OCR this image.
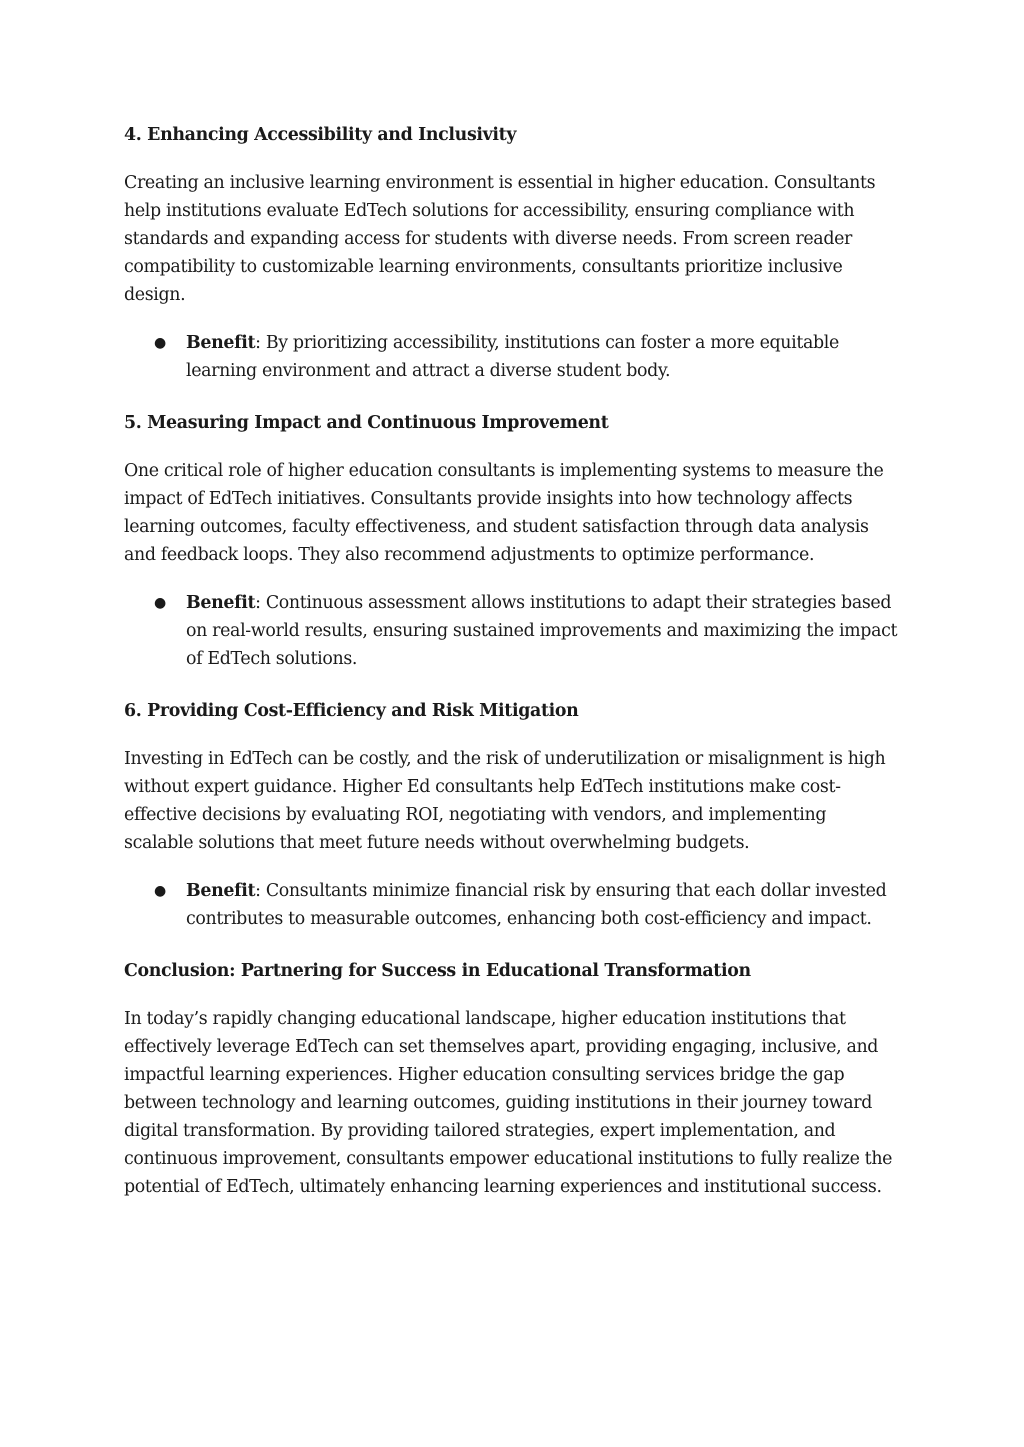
4. Enhancing Accessibility and Inclusivity

Creating an inclusive learning environment is essential in higher education. Consultants help institutions evaluate EdTech solutions for accessibility, ensuring compliance with standards and expanding access for students with diverse needs. From screen reader compatibility to customizable learning environments, consultants prioritize inclusive design.

● Benefit: By prioritizing accessibility, institutions can foster a more equitable learning environment and attract a diverse student body.

5. Measuring Impact and Continuous Improvement

One critical role of higher education consultants is implementing systems to measure the impact of EdTech initiatives. Consultants provide insights into how technology affects learning outcomes, faculty effectiveness, and student satisfaction through data analysis and feedback loops. They also recommend adjustments to optimize performance.

● Benefit: Continuous assessment allows institutions to adapt their strategies based on real-world results, ensuring sustained improvements and maximizing the impact of EdTech solutions.

6. Providing Cost-Efficiency and Risk Mitigation

Investing in EdTech can be costly, and the risk of underutilization or misalignment is high without expert guidance. Higher Ed consultants help EdTech institutions make cost-effective decisions by evaluating ROI, negotiating with vendors, and implementing scalable solutions that meet future needs without overwhelming budgets.

● Benefit: Consultants minimize financial risk by ensuring that each dollar invested contributes to measurable outcomes, enhancing both cost-efficiency and impact.

Conclusion: Partnering for Success in Educational Transformation

In today’s rapidly changing educational landscape, higher education institutions that effectively leverage EdTech can set themselves apart, providing engaging, inclusive, and impactful learning experiences. Higher education consulting services bridge the gap between technology and learning outcomes, guiding institutions in their journey toward digital transformation. By providing tailored strategies, expert implementation, and continuous improvement, consultants empower educational institutions to fully realize the potential of EdTech, ultimately enhancing learning experiences and institutional success.
